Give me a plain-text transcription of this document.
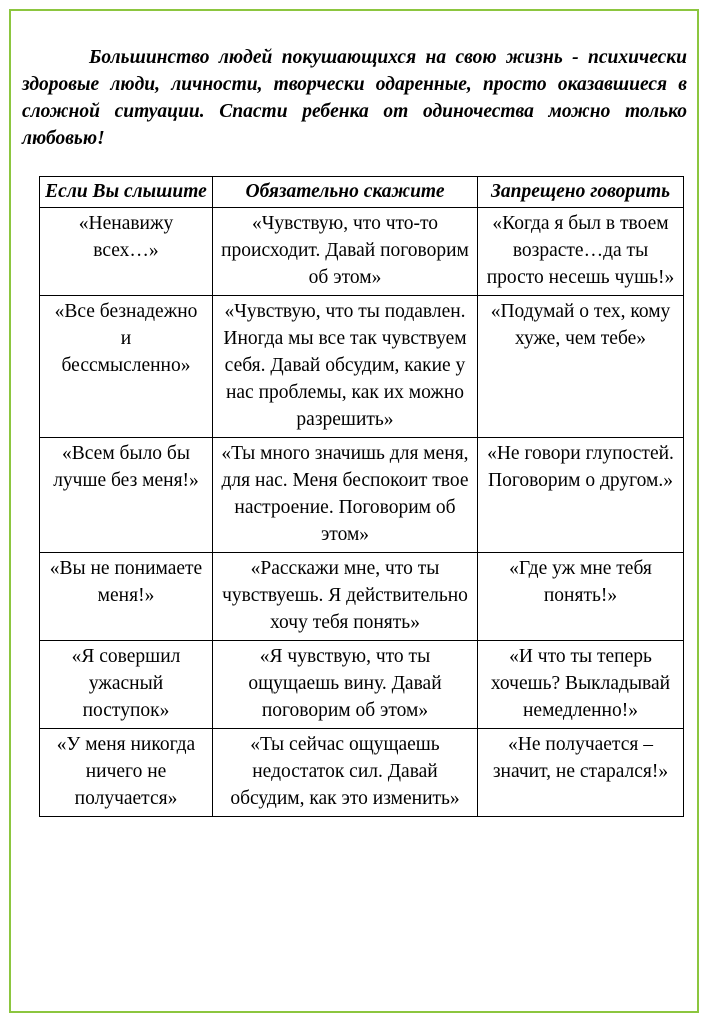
Большинство людей покушающихся на свою жизнь - психически здоровые люди, личности, творчески одаренные, просто оказавшиеся в сложной ситуации. Спасти ребенка от одиночества можно только любовью!

Если Вы слышите	Обязательно скажите	Запрещено говорить
«Ненавижу всех…»	«Чувствую, что что-то происходит. Давай поговорим об этом»	«Когда я был в твоем возрасте…да ты просто несешь чушь!»
«Все безнадежно
и
бессмысленно»	«Чувствую, что ты подавлен. Иногда мы все так чувствуем себя. Давай обсудим, какие у нас проблемы, как их можно разрешить»	«Подумай о тех, кому хуже, чем тебе»
«Всем было бы лучше без меня!»	«Ты много значишь для меня, для нас. Меня беспокоит твое настроение. Поговорим об этом»	«Не говори глупостей. Поговорим о другом.»
«Вы не понимаете меня!»	«Расскажи мне, что ты чувствуешь. Я действительно хочу тебя понять»	«Где уж мне тебя понять!»
«Я совершил ужасный поступок»	«Я чувствую, что ты ощущаешь вину. Давай поговорим об этом»	«И что ты теперь хочешь? Выкладывай немедленно!»
«У меня никогда ничего не получается»	«Ты сейчас ощущаешь недостаток сил. Давай обсудим, как это изменить»	«Не получается – значит, не старался!»
